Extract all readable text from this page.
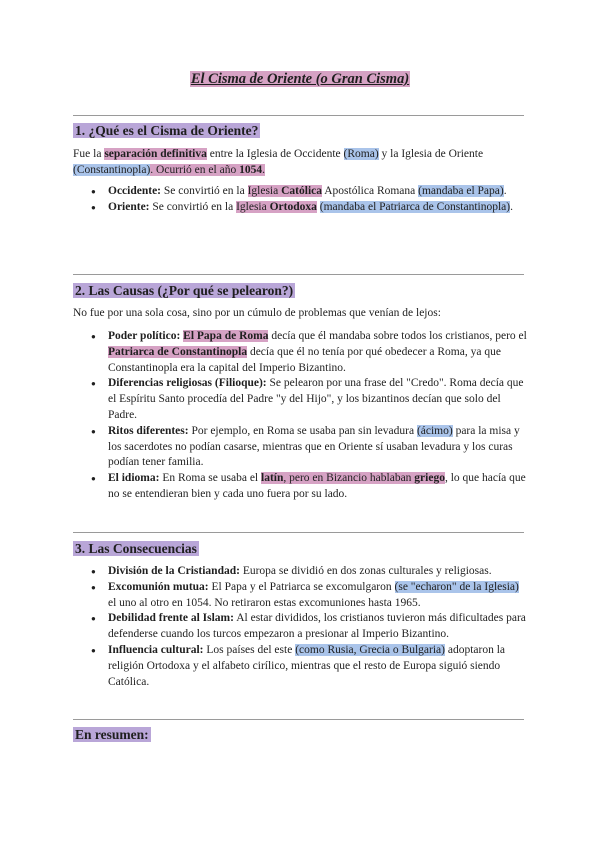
El Cisma de Oriente (o Gran Cisma)
1. ¿Qué es el Cisma de Oriente?
Fue la separación definitiva entre la Iglesia de Occidente (Roma) y la Iglesia de Oriente (Constantinopla). Ocurrió en el año 1054.
● Occidente: Se convirtió en la Iglesia Católica Apostólica Romana (mandaba el Papa).
● Oriente: Se convirtió en la Iglesia Ortodoxa (mandaba el Patriarca de Constantinopla).
2. Las Causas (¿Por qué se pelearon?)
No fue por una sola cosa, sino por un cúmulo de problemas que venían de lejos:
● Poder político: El Papa de Roma decía que él mandaba sobre todos los cristianos, pero el Patriarca de Constantinopla decía que él no tenía por qué obedecer a Roma, ya que Constantinopla era la capital del Imperio Bizantino.
● Diferencias religiosas (Filioque): Se pelearon por una frase del "Credo". Roma decía que el Espíritu Santo procedía del Padre "y del Hijo", y los bizantinos decían que solo del Padre.
● Ritos diferentes: Por ejemplo, en Roma se usaba pan sin levadura (ácimo) para la misa y los sacerdotes no podían casarse, mientras que en Oriente sí usaban levadura y los curas podían tener familia.
● El idioma: En Roma se usaba el latín, pero en Bizancio hablaban griego, lo que hacía que no se entendieran bien y cada uno fuera por su lado.
3. Las Consecuencias
● División de la Cristiandad: Europa se dividió en dos zonas culturales y religiosas.
● Excomunión mutua: El Papa y el Patriarca se excomulgaron (se "echaron" de la Iglesia) el uno al otro en 1054. No retiraron estas excomuniones hasta 1965.
● Debilidad frente al Islam: Al estar divididos, los cristianos tuvieron más dificultades para defenderse cuando los turcos empezaron a presionar al Imperio Bizantino.
● Influencia cultural: Los países del este (como Rusia, Grecia o Bulgaria) adoptaron la religión Ortodoxa y el alfabeto cirílico, mientras que el resto de Europa siguió siendo Católica.
En resumen:
